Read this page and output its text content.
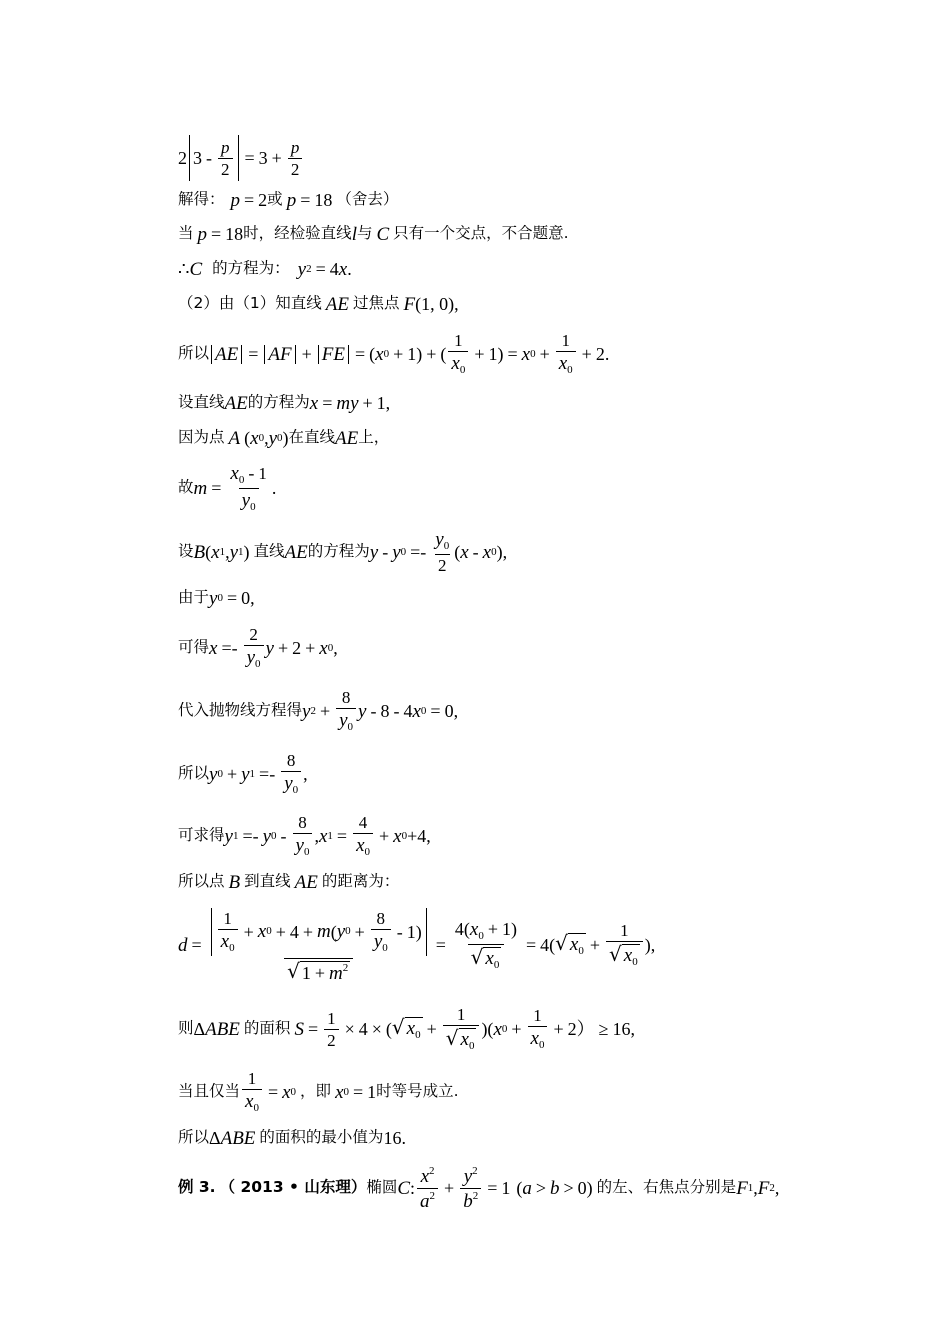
2 $3 - \frac{p}{2} = 3 + \frac{p}{2}$
解得： p = 2 或 p = 18 （舍去）
当 p = 18 时，经检验直线 l 与 C 只有一个交点，不合题意.
∴ C 的方程为： y 2 = 4 x .
（2）由（1）知直线 AE 过焦点 F (1, 0) ,
所以 AE = AF + FE = ( x 0 + 1) + ( $\frac{1}{x_0} + 1) = x$ $0 + \frac{1}{x_0} + 2$ .
设直线 AE 的方程为 x = my + 1 ,
因为点 A ( x 0 , y 0 ) 在直线 AE 上，
故 $m = \frac{x_0 - 1}{y_0}$ .
设 B ( x 1 , y 1 ) 直线 AE 的方程为 y - y $0 =- \frac{y_0}{2}$ ( x - x 0 ) ,
由于 y 0 = 0 ,
可得 $x =- \frac{2}{y_0}$ y + 2 + x 0 ,
代入抛物线方程得 y $2 + \frac{8}{y_0}$ y - 8 - 4 x 0 = 0 ,
所以 y 0 + y $1 =- \frac{8}{y_0}$ ,
可求得 y 1 =- y $0 - \frac{8}{y_0}$ , x $1 = \frac{4}{x_0} + x$ 0 +4 ,
所以点 B 到直线 AE 的距离为：
$d = \frac{\frac{1}{x_0} + x 0 + 4 + m ( y 0 + \frac{8}{y_0} - 1)}{√ 1 + m^2} = \frac{4(x_0 + 1)}{√ x_0} = 4$( √ $x_0 + \frac{1}{√ x_0}$ ) ,
则 Δ ABE 的面积 $S = \frac{1}{2} \times 4$ × ( √ $x_0 + \frac{1}{√ x_0}$ )( x $0 + \frac{1}{x_0} + 2) \ge 16$ ,
当且仅当 $\frac{1}{x_0} = x$ 0 ，即 x 0 = 1 时等号成立.
所以 Δ ABE 的面积的最小值为 16.
例 3. （ 2013 • 山东理） 椭圆 C : $\frac{x^2}{a^2} + \frac{y^2}{b^2} = 1$ ( a > b > 0) 的左、右焦点分别是 F 1 , F 2 ,
